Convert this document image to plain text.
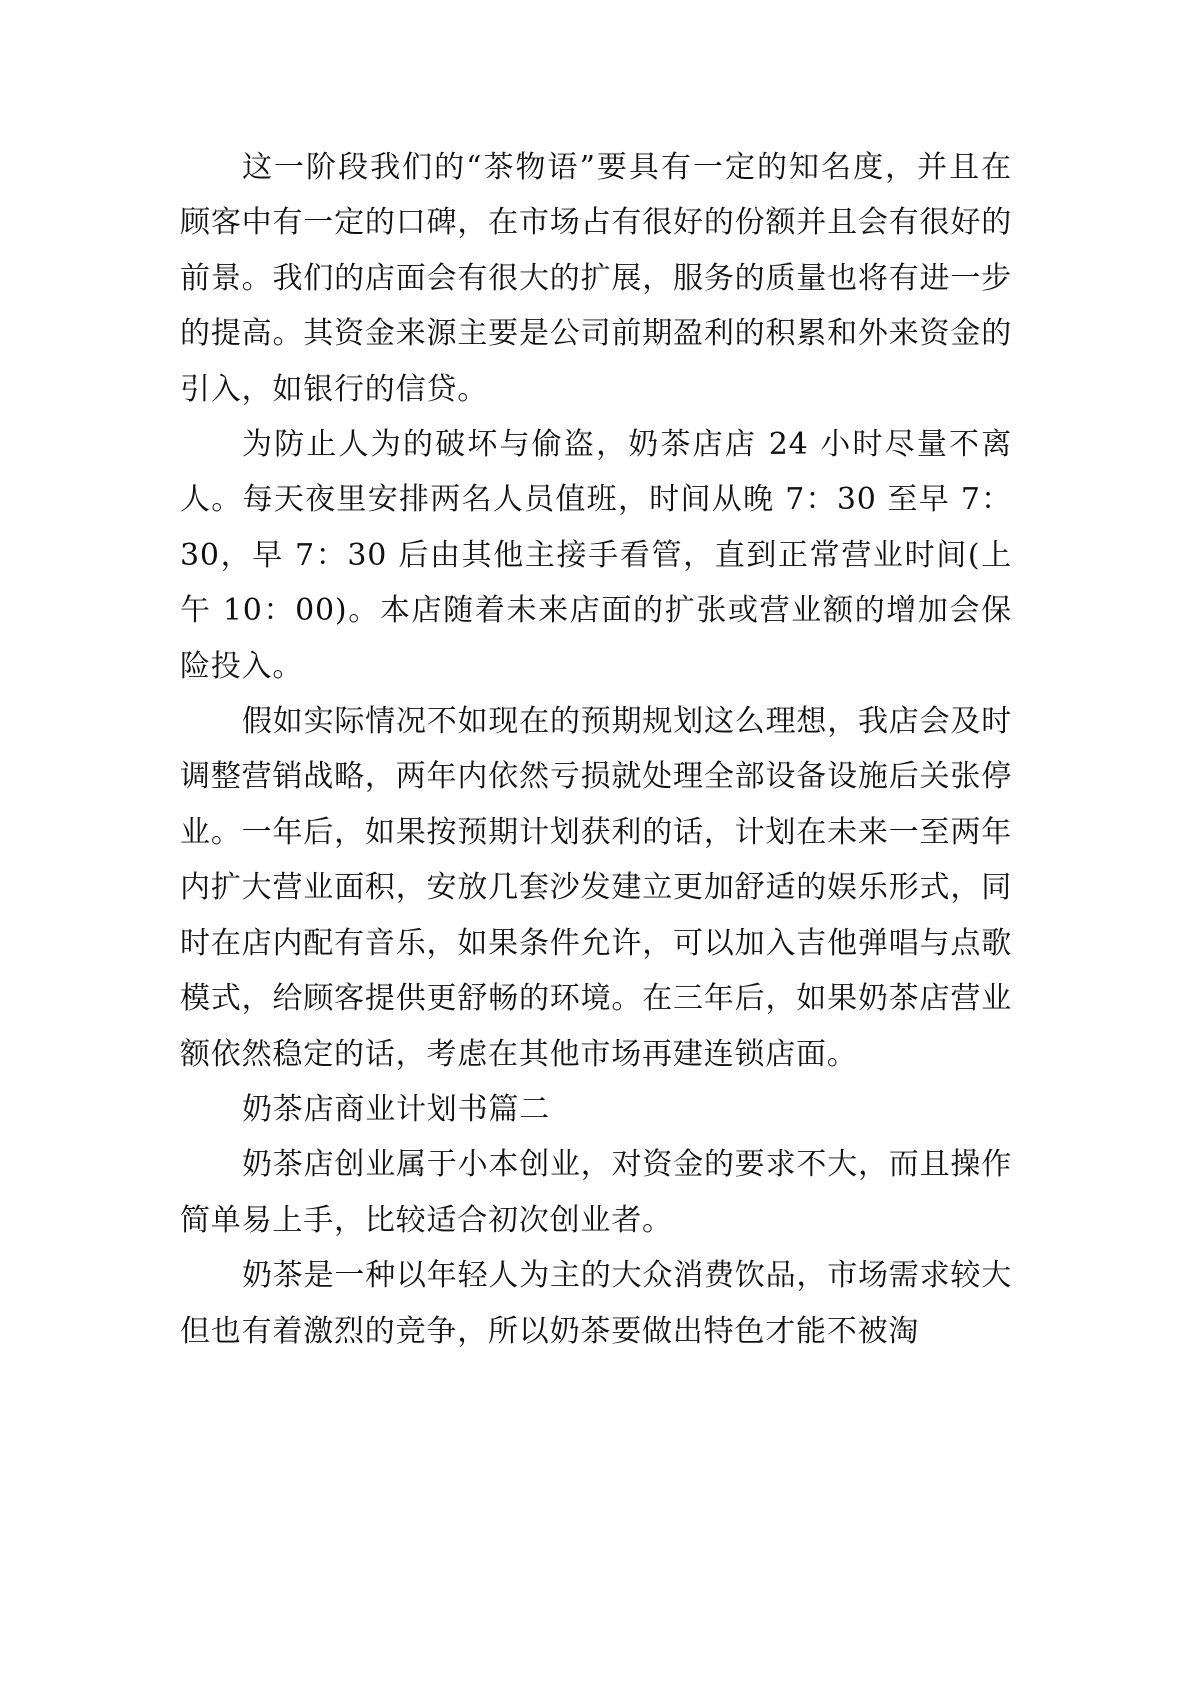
这一阶段我们的“茶物语”要具有一定的知名度，并且在顾客中有一定的口碑，在市场占有很好的份额并且会有很好的前景。我们的店面会有很大的扩展，服务的质量也将有进一步的提高。其资金来源主要是公司前期盈利的积累和外来资金的引入，如银行的信贷。

为防止人为的破坏与偷盗，奶茶店店 24 小时尽量不离人。每天夜里安排两名人员值班，时间从晚 7：30 至早 7：30，早 7：30 后由其他主接手看管，直到正常营业时间(上午 10：00)。本店随着未来店面的扩张或营业额的增加会保险投入。

假如实际情况不如现在的预期规划这么理想，我店会及时调整营销战略，两年内依然亏损就处理全部设备设施后关张停业。一年后，如果按预期计划获利的话，计划在未来一至两年内扩大营业面积，安放几套沙发建立更加舒适的娱乐形式，同时在店内配有音乐，如果条件允许，可以加入吉他弹唱与点歌模式，给顾客提供更舒畅的环境。在三年后，如果奶茶店营业额依然稳定的话，考虑在其他市场再建连锁店面。

奶茶店商业计划书篇二

奶茶店创业属于小本创业，对资金的要求不大，而且操作简单易上手，比较适合初次创业者。

奶茶是一种以年轻人为主的大众消费饮品，市场需求较大但也有着激烈的竞争，所以奶茶要做出特色才能不被淘
